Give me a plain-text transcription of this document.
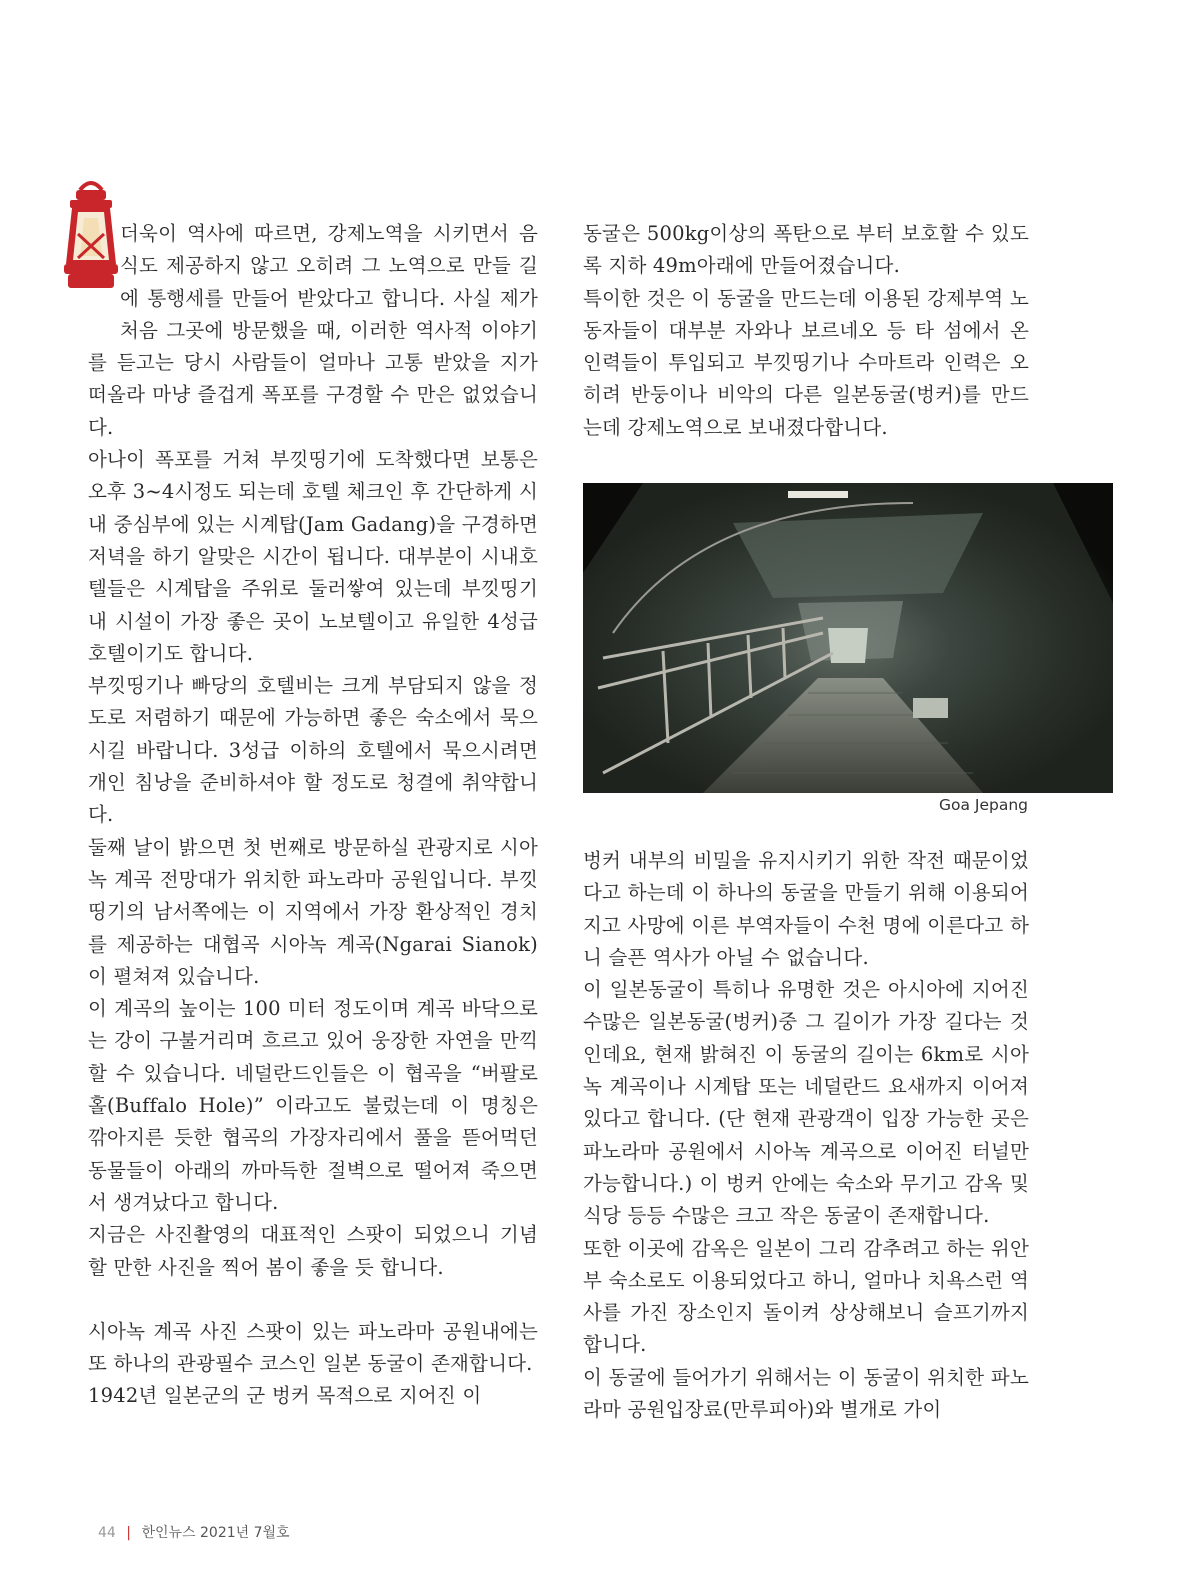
더욱이 역사에 따르면, 강제노역을 시키면서 음식도 제공하지 않고 오히려 그 노역으로 만들 길에 통행세를 만들어 받았다고 합니다. 사실 제가 처음 그곳에 방문했을 때, 이러한 역사적 이야기를 듣고는 당시 사람들이 얼마나 고통 받았을 지가 떠올라 마냥 즐겁게 폭포를 구경할 수 만은 없었습니다.

아나이 폭포를 거쳐 부낏띵기에 도착했다면 보통은 오후 3~4시정도 되는데 호텔 체크인 후 간단하게 시내 중심부에 있는 시계탑(Jam Gadang)을 구경하면 저녁을 하기 알맞은 시간이 됩니다. 대부분이 시내호텔들은 시계탑을 주위로 둘러쌓여 있는데 부낏띵기 내 시설이 가장 좋은 곳이 노보텔이고 유일한 4성급 호텔이기도 합니다.

부낏띵기나 빠당의 호텔비는 크게 부담되지 않을 정도로 저렴하기 때문에 가능하면 좋은 숙소에서 묵으시길 바랍니다. 3성급 이하의 호텔에서 묵으시려면 개인 침낭을 준비하셔야 할 정도로 청결에 취약합니다.

둘째 날이 밝으면 첫 번째로 방문하실 관광지로 시아녹 계곡 전망대가 위치한 파노라마 공원입니다. 부낏띵기의 남서쪽에는 이 지역에서 가장 환상적인 경치를 제공하는 대협곡 시아녹 계곡(Ngarai Sianok)이 펼쳐져 있습니다.

이 계곡의 높이는 100 미터 정도이며 계곡 바닥으로는 강이 구불거리며 흐르고 있어 웅장한 자연을 만끽할 수 있습니다. 네덜란드인들은 이 협곡을 “버팔로 홀(Buffalo Hole)” 이라고도 불렀는데 이 명칭은 깎아지른 듯한 협곡의 가장자리에서 풀을 뜯어먹던 동물들이 아래의 까마득한 절벽으로 떨어져 죽으면서 생겨났다고 합니다.

지금은 사진촬영의 대표적인 스팟이 되었으니 기념할 만한 사진을 찍어 봄이 좋을 듯 합니다.

시아녹 계곡 사진 스팟이 있는 파노라마 공원내에는 또 하나의 관광필수 코스인 일본 동굴이 존재합니다.

1942년 일본군의 군 벙커 목적으로 지어진 이

동굴은 500kg이상의 폭탄으로 부터 보호할 수 있도록 지하 49m아래에 만들어졌습니다.

특이한 것은 이 동굴을 만드는데 이용된 강제부역 노동자들이 대부분 자와나 보르네오 등 타 섬에서 온 인력들이 투입되고 부낏띵기나 수마트라 인력은 오히려 반둥이나 비악의 다른 일본동굴(벙커)를 만드는데 강제노역으로 보내졌다합니다.

Goa Jepang

벙커 내부의 비밀을 유지시키기 위한 작전 때문이었다고 하는데 이 하나의 동굴을 만들기 위해 이용되어지고 사망에 이른 부역자들이 수천 명에 이른다고 하니 슬픈 역사가 아닐 수 없습니다.

이 일본동굴이 특히나 유명한 것은 아시아에 지어진 수많은 일본동굴(벙커)중 그 길이가 가장 길다는 것인데요, 현재 밝혀진 이 동굴의 길이는 6km로 시아녹 계곡이나 시계탑 또는 네덜란드 요새까지 이어져있다고 합니다. (단 현재 관광객이 입장 가능한 곳은 파노라마 공원에서 시아녹 계곡으로 이어진 터널만 가능합니다.) 이 벙커 안에는 숙소와 무기고 감옥 및 식당 등등 수많은 크고 작은 동굴이 존재합니다.

또한 이곳에 감옥은 일본이 그리 감추려고 하는 위안부 숙소로도 이용되었다고 하니, 얼마나 치욕스런 역사를 가진 장소인지 돌이켜 상상해보니 슬프기까지 합니다.

이 동굴에 들어가기 위해서는 이 동굴이 위치한 파노라마 공원입장료(만루피아)와 별개로 가이

44 | 한인뉴스 2021년 7월호
